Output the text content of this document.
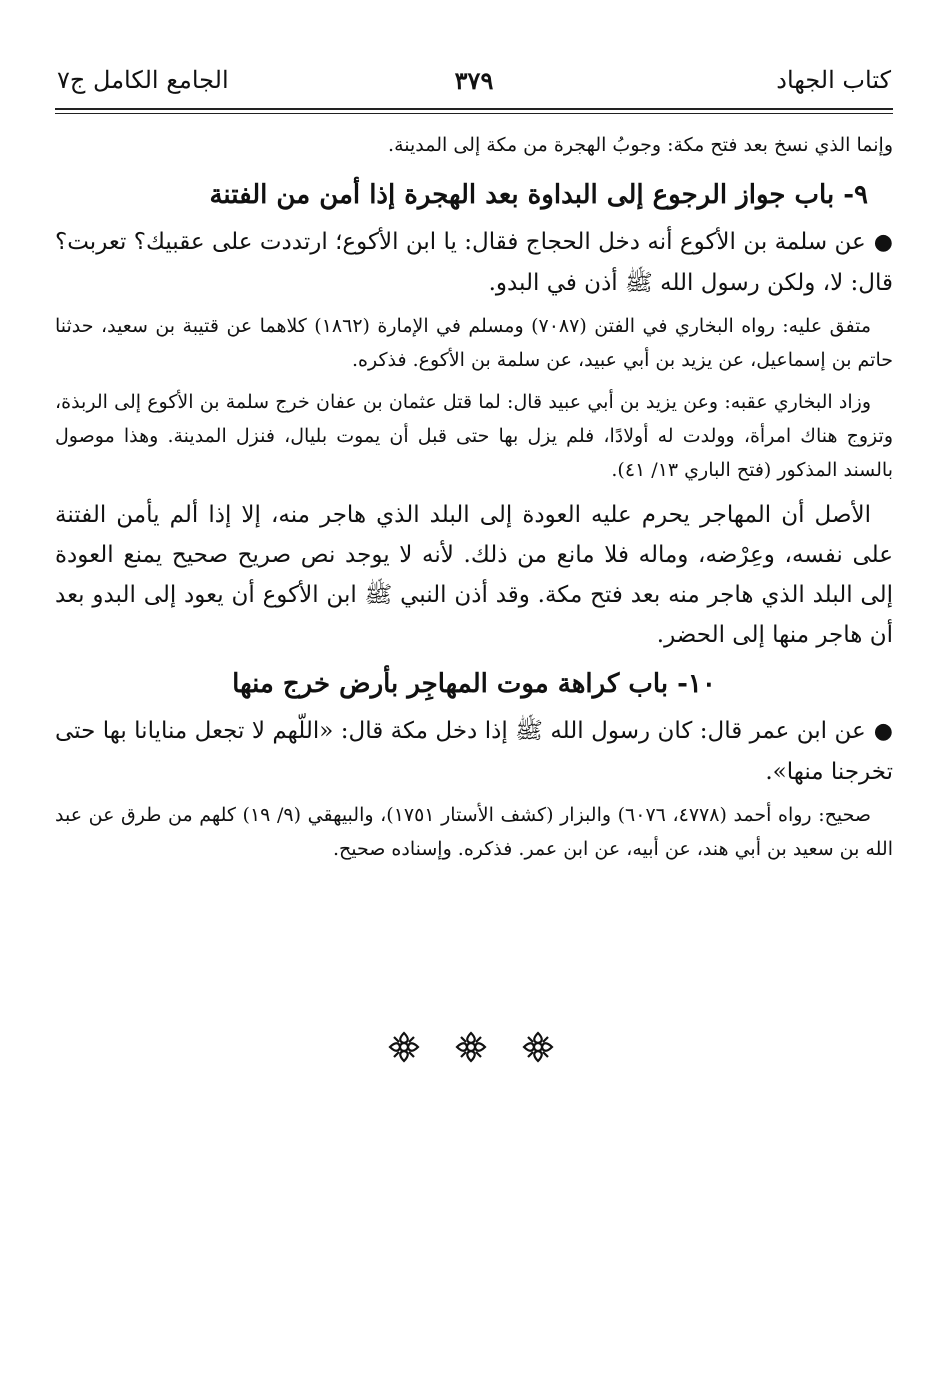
كتاب الجهاد
٣٧٩
الجامع الكامل ج٧

وإنما الذي نسخ بعد فتح مكة: وجوبُ الهجرة من مكة إلى المدينة.

٩- باب جواز الرجوع إلى البداوة بعد الهجرة إذا أمن من الفتنة

●عن سلمة بن الأكوع أنه دخل الحجاج فقال: يا ابن الأكوع؛ ارتددت على عقبيك؟ تعربت؟ قال: لا، ولكن رسول الله ﷺ أذن في البدو.

متفق عليه: رواه البخاري في الفتن (٧٠٨٧) ومسلم في الإمارة (١٨٦٢) كلاهما عن قتيبة بن سعيد، حدثنا حاتم بن إسماعيل، عن يزيد بن أبي عبيد، عن سلمة بن الأكوع. فذكره.

وزاد البخاري عقبه: وعن يزيد بن أبي عبيد قال: لما قتل عثمان بن عفان خرج سلمة بن الأكوع إلى الربذة، وتزوج هناك امرأة، وولدت له أولادًا، فلم يزل بها حتى قبل أن يموت بليال، فنزل المدينة. وهذا موصول بالسند المذكور (فتح الباري ١٣/ ٤١).

الأصل أن المهاجر يحرم عليه العودة إلى البلد الذي هاجر منه، إلا إذا ألم يأمن الفتنة على نفسه، وعِرْضه، وماله فلا مانع من ذلك. لأنه لا يوجد نص صريح صحيح يمنع العودة إلى البلد الذي هاجر منه بعد فتح مكة. وقد أذن النبي ﷺ ابن الأكوع أن يعود إلى البدو بعد أن هاجر منها إلى الحضر.

١٠- باب كراهة موت المهاجِر بأرض خرج منها

●عن ابن عمر قال: كان رسول الله ﷺ إذا دخل مكة قال: «اللّهم لا تجعل منايانا بها حتى تخرجنا منها».

صحيح: رواه أحمد (٤٧٧٨، ٦٠٧٦) والبزار (كشف الأستار ١٧٥١)، والبيهقي (٩/ ١٩) كلهم من طرق عن عبد الله بن سعيد بن أبي هند، عن أبيه، عن ابن عمر. فذكره. وإسناده صحيح.
